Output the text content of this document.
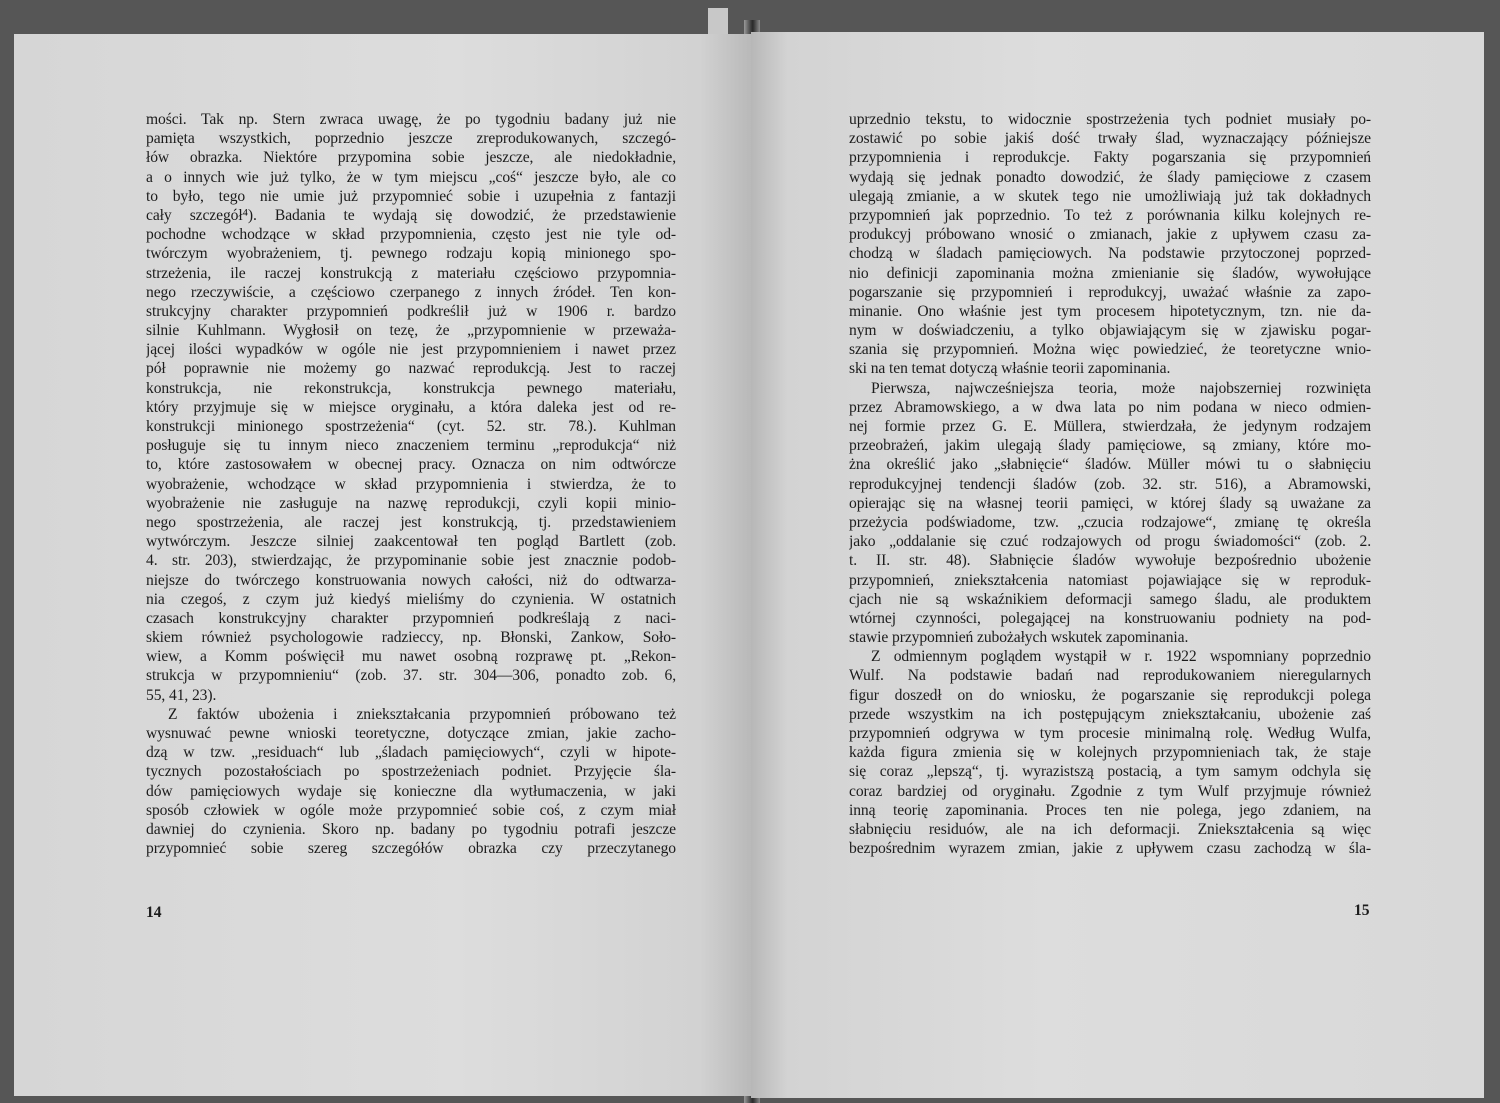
mości. Tak np. Stern zwraca uwagę, że po tygodniu badany już nie
pamięta wszystkich, poprzednio jeszcze zreprodukowanych, szczegó-
łów obrazka. Niektóre przypomina sobie jeszcze, ale niedokładnie,
a o innych wie już tylko, że w tym miejscu „coś“ jeszcze było, ale co
to było, tego nie umie już przypomnieć sobie i uzupełnia z fantazji
cały szczegół⁴). Badania te wydają się dowodzić, że przedstawienie
pochodne wchodzące w skład przypomnienia, często jest nie tyle od-
twórczym wyobrażeniem, tj. pewnego rodzaju kopią minionego spo-
strzeżenia, ile raczej konstrukcją z materiału częściowo przypomnia-
nego rzeczywiście, a częściowo czerpanego z innych źródeł. Ten kon-
strukcyjny charakter przypomnień podkreślił już w 1906 r. bardzo
silnie Kuhlmann. Wygłosił on tezę, że „przypomnienie w przeważa-
jącej ilości wypadków w ogóle nie jest przypomnieniem i nawet przez
pół poprawnie nie możemy go nazwać reprodukcją. Jest to raczej
konstrukcja, nie rekonstrukcja, konstrukcja pewnego materiału,
który przyjmuje się w miejsce oryginału, a która daleka jest od re-
konstrukcji minionego spostrzeżenia“ (cyt. 52. str. 78.). Kuhlman
posługuje się tu innym nieco znaczeniem terminu „reprodukcja“ niż
to, które zastosowałem w obecnej pracy. Oznacza on nim odtwórcze
wyobrażenie, wchodzące w skład przypomnienia i stwierdza, że to
wyobrażenie nie zasługuje na nazwę reprodukcji, czyli kopii minio-
nego spostrzeżenia, ale raczej jest konstrukcją, tj. przedstawieniem
wytwórczym. Jeszcze silniej zaakcentował ten pogląd Bartlett (zob.
4. str. 203), stwierdzając, że przypominanie sobie jest znacznie podob-
niejsze do twórczego konstruowania nowych całości, niż do odtwarza-
nia czegoś, z czym już kiedyś mieliśmy do czynienia. W ostatnich
czasach konstrukcyjny charakter przypomnień podkreślają z naci-
skiem również psychologowie radzieccy, np. Błonski, Zankow, Soło-
wiew, a Komm poświęcił mu nawet osobną rozprawę pt. „Rekon-
strukcja w przypomnieniu“ (zob. 37. str. 304—306, ponadto zob. 6,
55, 41, 23).
Z faktów ubożenia i zniekształcania przypomnień próbowano też
wysnuwać pewne wnioski teoretyczne, dotyczące zmian, jakie zacho-
dzą w tzw. „residuach“ lub „śladach pamięciowych“, czyli w hipote-
tycznych pozostałościach po spostrzeżeniach podniet. Przyjęcie śla-
dów pamięciowych wydaje się konieczne dla wytłumaczenia, w jaki
sposób człowiek w ogóle może przypomnieć sobie coś, z czym miał
dawniej do czynienia. Skoro np. badany po tygodniu potrafi jeszcze
przypomnieć sobie szereg szczegółów obrazka czy przeczytanego
14
uprzednio tekstu, to widocznie spostrzeżenia tych podniet musiały po-
zostawić po sobie jakiś dość trwały ślad, wyznaczający późniejsze
przypomnienia i reprodukcje. Fakty pogarszania się przypomnień
wydają się jednak ponadto dowodzić, że ślady pamięciowe z czasem
ulegają zmianie, a w skutek tego nie umożliwiają już tak dokładnych
przypomnień jak poprzednio. To też z porównania kilku kolejnych re-
produkcyj próbowano wnosić o zmianach, jakie z upływem czasu za-
chodzą w śladach pamięciowych. Na podstawie przytoczonej poprzed-
nio definicji zapominania można zmienianie się śladów, wywołujące
pogarszanie się przypomnień i reprodukcyj, uważać właśnie za zapo-
minanie. Ono właśnie jest tym procesem hipotetycznym, tzn. nie da-
nym w doświadczeniu, a tylko objawiającym się w zjawisku pogar-
szania się przypomnień. Można więc powiedzieć, że teoretyczne wnio-
ski na ten temat dotyczą właśnie teorii zapominania.
Pierwsza, najwcześniejsza teoria, może najobszerniej rozwinięta
przez Abramowskiego, a w dwa lata po nim podana w nieco odmien-
nej formie przez G. E. Müllera, stwierdzała, że jedynym rodzajem
przeobrażeń, jakim ulegają ślady pamięciowe, są zmiany, które mo-
żna określić jako „słabnięcie“ śladów. Müller mówi tu o słabnięciu
reprodukcyjnej tendencji śladów (zob. 32. str. 516), a Abramowski,
opierając się na własnej teorii pamięci, w której ślady są uważane za
przeżycia podświadome, tzw. „czucia rodzajowe“, zmianę tę określa
jako „oddalanie się czuć rodzajowych od progu świadomości“ (zob. 2.
t. II. str. 48). Słabnięcie śladów wywołuje bezpośrednio ubożenie
przypomnień, zniekształcenia natomiast pojawiające się w reproduk-
cjach nie są wskaźnikiem deformacji samego śladu, ale produktem
wtórnej czynności, polegającej na konstruowaniu podniety na pod-
stawie przypomnień zubożałych wskutek zapominania.
Z odmiennym poglądem wystąpił w r. 1922 wspomniany poprzednio
Wulf. Na podstawie badań nad reprodukowaniem nieregularnych
figur doszedł on do wniosku, że pogarszanie się reprodukcji polega
przede wszystkim na ich postępującym zniekształcaniu, ubożenie zaś
przypomnień odgrywa w tym procesie minimalną rolę. Według Wulfa,
każda figura zmienia się w kolejnych przypomnieniach tak, że staje
się coraz „lepszą“, tj. wyrazistszą postacią, a tym samym odchyla się
coraz bardziej od oryginału. Zgodnie z tym Wulf przyjmuje również
inną teorię zapominania. Proces ten nie polega, jego zdaniem, na
słabnięciu residuów, ale na ich deformacji. Zniekształcenia są więc
bezpośrednim wyrazem zmian, jakie z upływem czasu zachodzą w śla-
15
